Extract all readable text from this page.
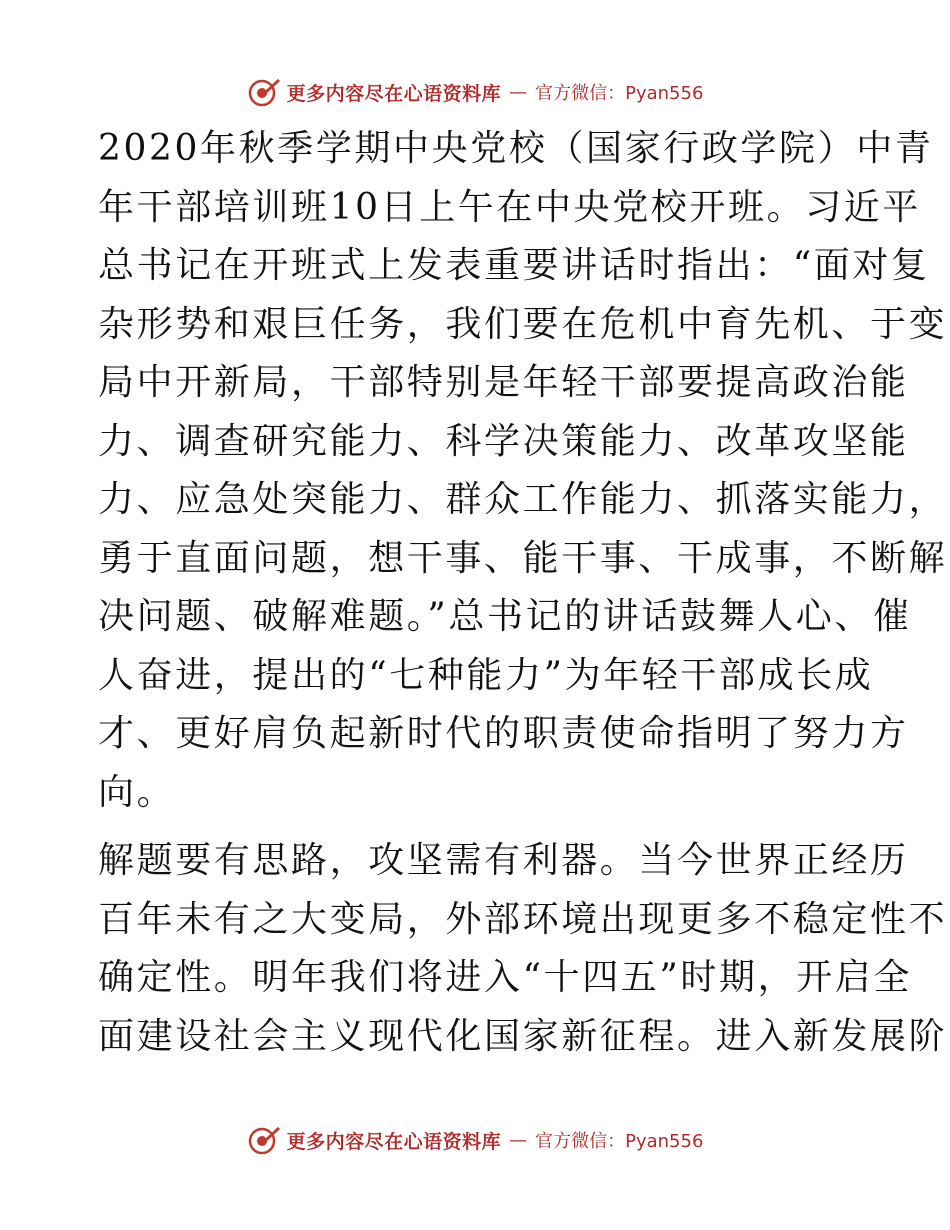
更多内容尽在心语资料库 — 官方微信：Pyan556

2020年秋季学期中央党校（国家行政学院）中青
年干部培训班10日上午在中央党校开班。习近平
总书记在开班式上发表重要讲话时指出：“面对复
杂形势和艰巨任务，我们要在危机中育先机、于变
局中开新局，干部特别是年轻干部要提高政治能
力、调查研究能力、科学决策能力、改革攻坚能
力、应急处突能力、群众工作能力、抓落实能力，
勇于直面问题，想干事、能干事、干成事，不断解
决问题、破解难题。”总书记的讲话鼓舞人心、催
人奋进，提出的“七种能力”为年轻干部成长成
才、更好肩负起新时代的职责使命指明了努力方
向。

解题要有思路，攻坚需有利器。当今世界正经历
百年未有之大变局，外部环境出现更多不稳定性不
确定性。明年我们将进入“十四五”时期，开启全
面建设社会主义现代化国家新征程。进入新发展阶

更多内容尽在心语资料库 — 官方微信：Pyan556
